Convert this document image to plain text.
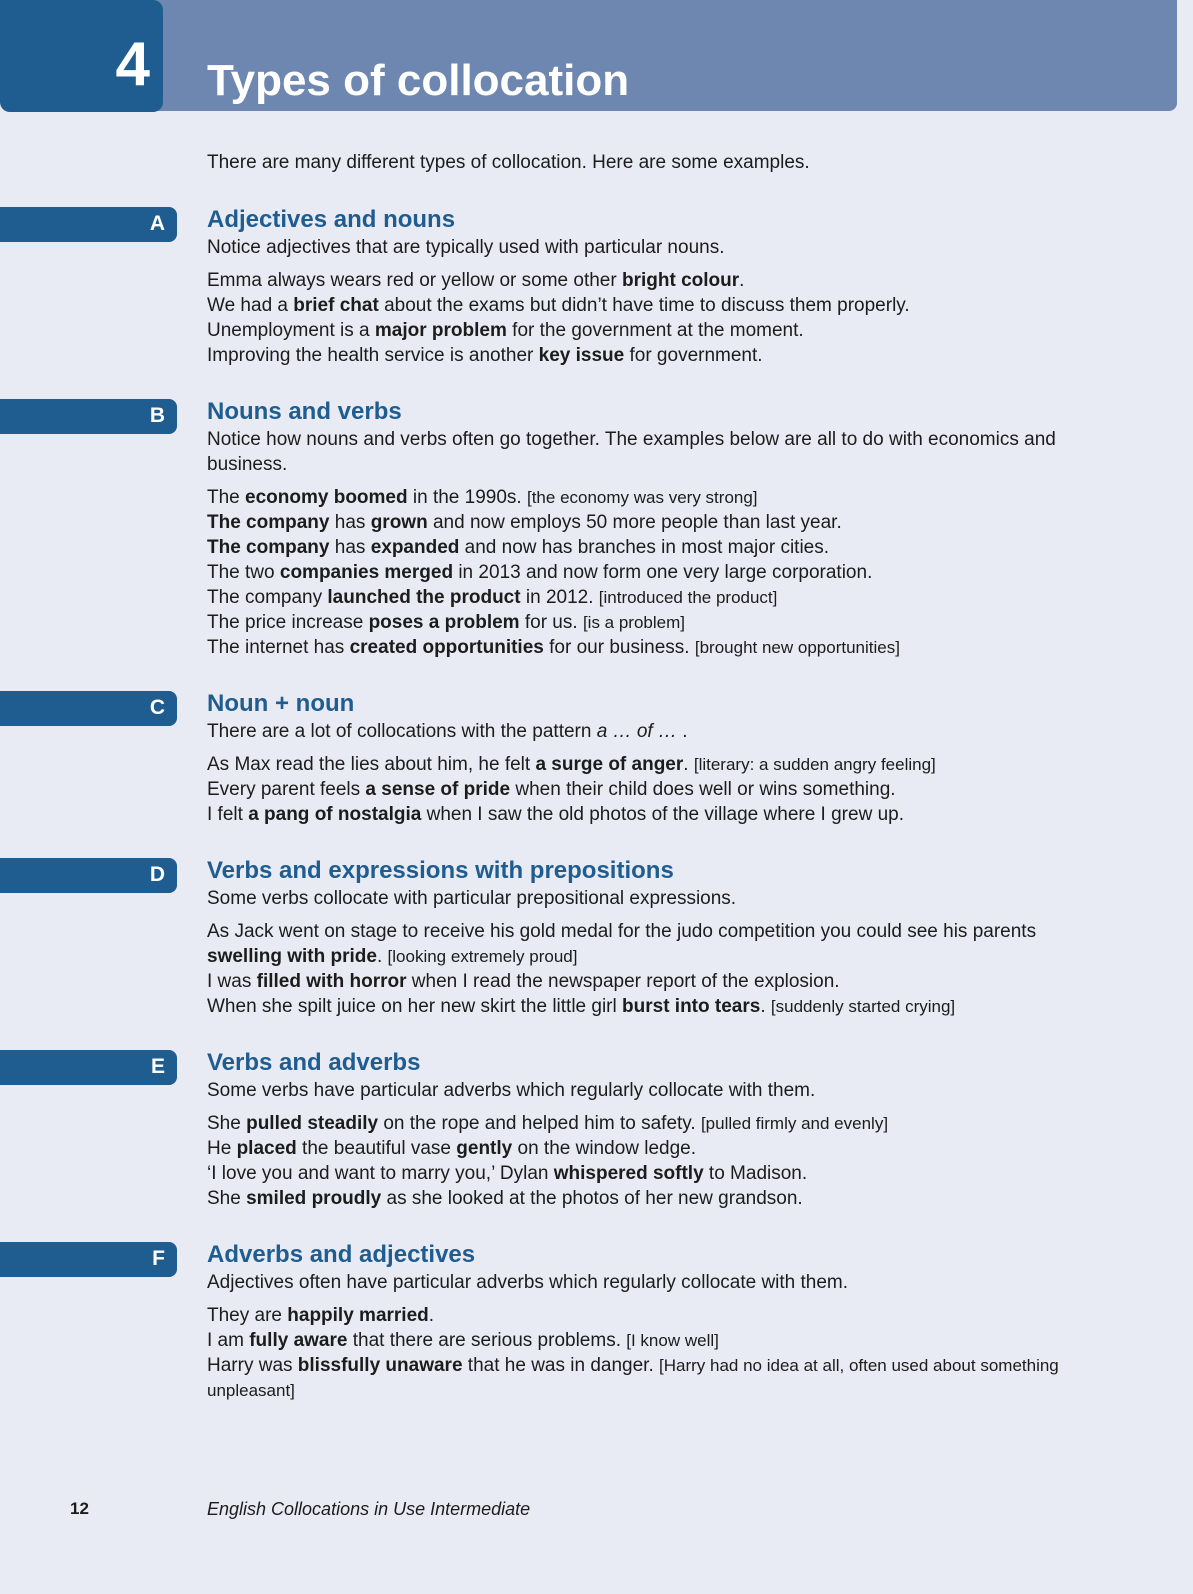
4 Types of collocation

There are many different types of collocation. Here are some examples.

A Adjectives and nouns

Notice adjectives that are typically used with particular nouns.

Emma always wears red or yellow or some other bright colour.

We had a brief chat about the exams but didn’t have time to discuss them properly.

Unemployment is a major problem for the government at the moment.

Improving the health service is another key issue for government.

B Nouns and verbs

Notice how nouns and verbs often go together. The examples below are all to do with economics and business.

The economy boomed in the 1990s. [the economy was very strong]

The company has grown and now employs 50 more people than last year.

The company has expanded and now has branches in most major cities.

The two companies merged in 2013 and now form one very large corporation.

The company launched the product in 2012. [introduced the product]

The price increase poses a problem for us. [is a problem]

The internet has created opportunities for our business. [brought new opportunities]

C Noun + noun

There are a lot of collocations with the pattern a … of … .

As Max read the lies about him, he felt a surge of anger. [literary: a sudden angry feeling]

Every parent feels a sense of pride when their child does well or wins something.

I felt a pang of nostalgia when I saw the old photos of the village where I grew up.

D Verbs and expressions with prepositions

Some verbs collocate with particular prepositional expressions.

As Jack went on stage to receive his gold medal for the judo competition you could see his parents swelling with pride. [looking extremely proud]

I was filled with horror when I read the newspaper report of the explosion.

When she spilt juice on her new skirt the little girl burst into tears. [suddenly started crying]

E Verbs and adverbs

Some verbs have particular adverbs which regularly collocate with them.

She pulled steadily on the rope and helped him to safety. [pulled firmly and evenly]

He placed the beautiful vase gently on the window ledge.

‘I love you and want to marry you,’ Dylan whispered softly to Madison.

She smiled proudly as she looked at the photos of her new grandson.

F Adverbs and adjectives

Adjectives often have particular adverbs which regularly collocate with them.

They are happily married.

I am fully aware that there are serious problems. [I know well]

Harry was blissfully unaware that he was in danger. [Harry had no idea at all, often used about something unpleasant]

12	English Collocations in Use Intermediate
